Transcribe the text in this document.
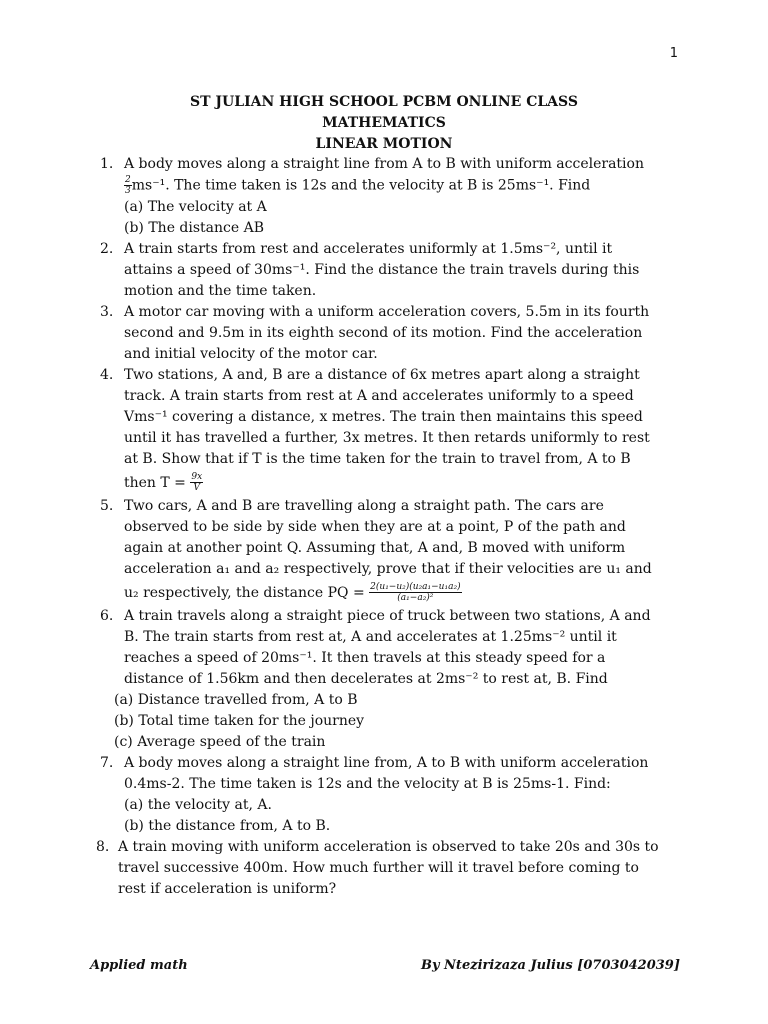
1
ST JULIAN HIGH SCHOOL PCBM ONLINE CLASS
MATHEMATICS
LINEAR MOTION
1. A body moves along a straight line from A to B with uniform acceleration
$\frac{2}{3} ms^{-1}$. The time taken is 12s and the velocity at B is 25ms⁻¹. Find
(a) The velocity at A
(b) The distance AB
2. A train starts from rest and accelerates uniformly at 1.5ms⁻², until it
attains a speed of 30ms⁻¹. Find the distance the train travels during this
motion and the time taken.
3. A motor car moving with a uniform acceleration covers, 5.5m in its fourth
second and 9.5m in its eighth second of its motion. Find the acceleration
and initial velocity of the motor car.
4. Two stations, A and, B are a distance of 6x metres apart along a straight
track. A train starts from rest at A and accelerates uniformly to a speed
Vms⁻¹ covering a distance, x metres. The train then maintains this speed
until it has travelled a further, 3x metres. It then retards uniformly to rest
at B. Show that if T is the time taken for the train to travel from, A to B
then $T = \frac{9x}{V}$
5. Two cars, A and B are travelling along a straight path. The cars are
observed to be side by side when they are at a point, P of the path and
again at another point Q. Assuming that, A and, B moved with uniform
acceleration a₁ and a₂ respectively, prove that if their velocities are u₁ and
u₂ respectively, the distance PQ = $\frac{\text{2(u₁−u₂)(u₂a₁−u₁a₂)}}{\text{(a₁−a₂)²}}$
6. A train travels along a straight piece of truck between two stations, A and
B. The train starts from rest at, A and accelerates at 1.25ms⁻² until it
reaches a speed of 20ms⁻¹. It then travels at this steady speed for a
distance of 1.56km and then decelerates at 2ms⁻² to rest at, B. Find
(a) Distance travelled from, A to B
(b) Total time taken for the journey
(c) Average speed of the train
7. A body moves along a straight line from, A to B with uniform acceleration
0.4ms-2. The time taken is 12s and the velocity at B is 25ms-1. Find:
(a) the velocity at, A.
(b) the distance from, A to B.
8. A train moving with uniform acceleration is observed to take 20s and 30s to
travel successive 400m. How much further will it travel before coming to
rest if acceleration is uniform?
Applied math	By Ntezirizaza Julius [0703042039]
